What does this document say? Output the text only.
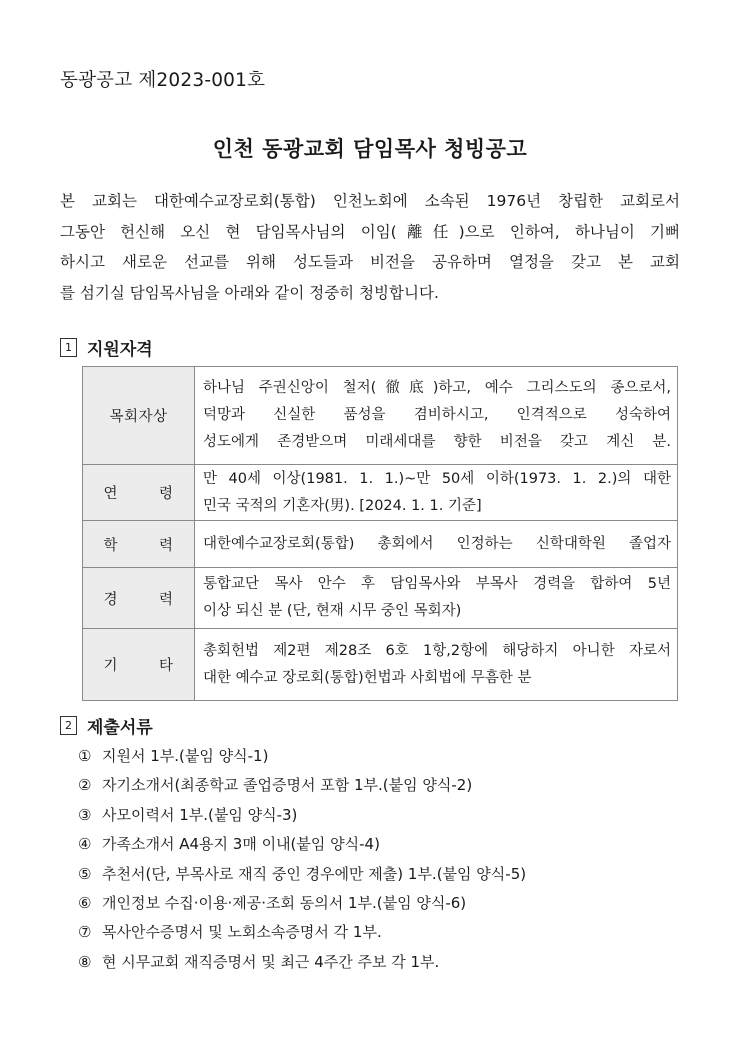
동광공고 제2023-001호
인천 동광교회 담임목사 청빙공고
본 교회는 대한예수교장로회(통합) 인천노회에 소속된 1976년 창립한 교회로서
그동안 헌신해 오신 현 담임목사님의 이임(離任)으로 인하여, 하나님이 기뻐
하시고 새로운 선교를 위해 성도들과 비전을 공유하며 열정을 갖고 본 교회
를 섬기실 담임목사님을 아래와 같이 정중히 청빙합니다.
1 지원자격
목회자상	하나님 주권신앙이 철저(徹底)하고, 예수 그리스도의 종으로서,
덕망과 신실한 품성을 겸비하시고, 인격적으로 성숙하여
성도에게 존경받으며 미래세대를 향한 비전을 갖고 계신 분.

연 령	만 40세 이상(1981. 1. 1.)~만 50세 이하(1973. 1. 2.)의 대한
민국 국적의 기혼자(男). [2024. 1. 1. 기준]

학 력	대한예수교장로회(통합) 총회에서 인정하는 신학대학원 졸업자

경 력	통합교단 목사 안수 후 담임목사와 부목사 경력을 합하여 5년
이상 되신 분 (단, 현재 시무 중인 목회자)

기 타	총회헌법 제2편 제28조 6호 1항,2항에 해당하지 아니한 자로서
대한 예수교 장로회(통합)헌법과 사회법에 무흠한 분
2 제출서류
① 지원서 1부.(붙임 양식-1)
② 자기소개서(최종학교 졸업증명서 포함 1부.(붙임 양식-2)
③ 사모이력서 1부.(붙임 양식-3)
④ 가족소개서 A4용지 3매 이내(붙임 양식-4)
⑤ 추천서(단, 부목사로 재직 중인 경우에만 제출) 1부.(붙임 양식-5)
⑥ 개인정보 수집·이용·제공·조회 동의서 1부.(붙임 양식-6)
⑦ 목사안수증명서 및 노회소속증명서 각 1부.
⑧ 현 시무교회 재직증명서 및 최근 4주간 주보 각 1부.
